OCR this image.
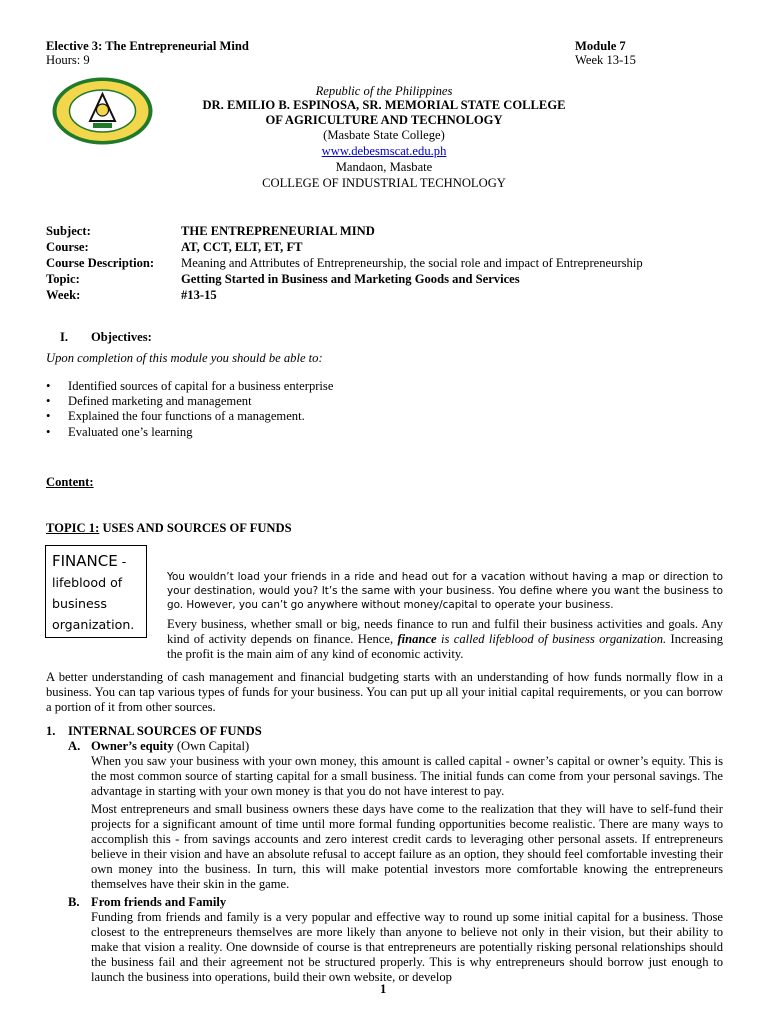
Elective 3: The Entrepreneurial Mind
Hours: 9
Module 7
Week 13-15
Republic of the Philippines
DR. EMILIO B. ESPINOSA, SR. MEMORIAL STATE COLLEGE
OF AGRICULTURE AND TECHNOLOGY
(Masbate State College)
www.debesmscat.edu.ph
Mandaon, Masbate
COLLEGE OF INDUSTRIAL TECHNOLOGY
Subject:	THE ENTREPRENEURIAL MIND
Course:	AT, CCT, ELT, ET, FT
Course Description: Meaning and Attributes of Entrepreneurship, the social role and impact of Entrepreneurship
Topic:	Getting Started in Business and Marketing Goods and Services
Week:	#13-15
I. Objectives:
Upon completion of this module you should be able to:
• Identified sources of capital for a business enterprise
• Defined marketing and management
• Explained the four functions of a management.
• Evaluated one’s learning
Content:
TOPIC 1: USES AND SOURCES OF FUNDS
FINANCE -
lifeblood of
business
organization.
You wouldn’t load your friends in a ride and head out for a vacation without having a map or direction to your destination, would you? It’s the same with your business. You define where you want the business to go. However, you can’t go anywhere without money/capital to operate your business.
Every business, whether small or big, needs finance to run and fulfil their business activities and goals. Any kind of activity depends on finance. Hence, finance is called lifeblood of business organization. Increasing the profit is the main aim of any kind of economic activity.
A better understanding of cash management and financial budgeting starts with an understanding of how funds normally flow in a business. You can tap various types of funds for your business. You can put up all your initial capital requirements, or you can borrow a portion of it from other sources.
1. INTERNAL SOURCES OF FUNDS
A. Owner’s equity (Own Capital)
When you saw your business with your own money, this amount is called capital - owner’s capital or owner’s equity. This is the most common source of starting capital for a small business. The initial funds can come from your personal savings. The advantage in starting with your own money is that you do not have interest to pay.
Most entrepreneurs and small business owners these days have come to the realization that they will have to self-fund their projects for a significant amount of time until more formal funding opportunities become realistic. There are many ways to accomplish this - from savings accounts and zero interest credit cards to leveraging other personal assets. If entrepreneurs believe in their vision and have an absolute refusal to accept failure as an option, they should feel comfortable investing their own money into the business. In turn, this will make potential investors more comfortable knowing the entrepreneurs themselves have their skin in the game.
B. From friends and Family
Funding from friends and family is a very popular and effective way to round up some initial capital for a business. Those closest to the entrepreneurs themselves are more likely than anyone to believe not only in their vision, but their ability to make that vision a reality. One downside of course is that entrepreneurs are potentially risking personal relationships should the business fail and their agreement not be structured properly. This is why entrepreneurs should borrow just enough to launch the business into operations, build their own website, or develop
1
